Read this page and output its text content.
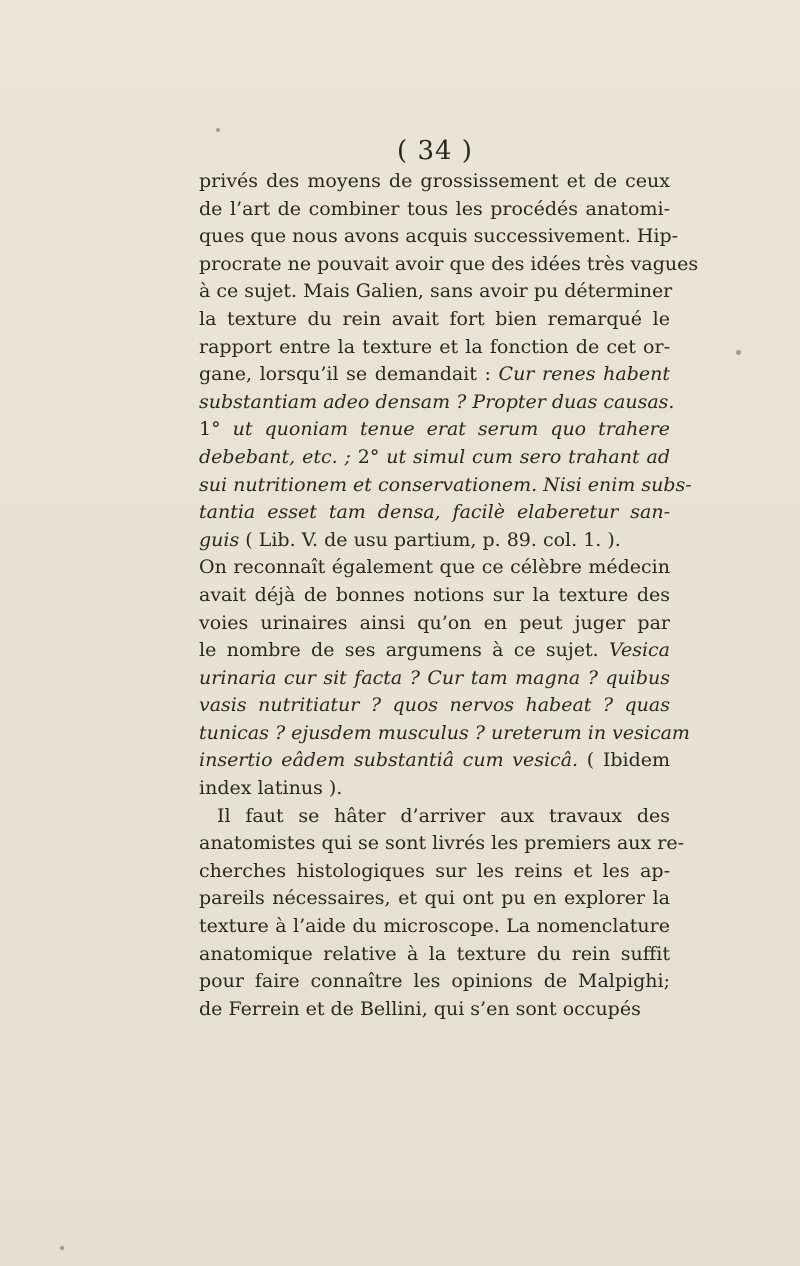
( 34 )
privés des moyens de grossissement et de ceux
de l’art de combiner tous les procédés anatomi-
ques que nous avons acquis successivement. Hip-
procrate ne pouvait avoir que des idées très vagues
à ce sujet. Mais Galien, sans avoir pu déterminer
la texture du rein avait fort bien remarqué le
rapport entre la texture et la fonction de cet or-
gane, lorsqu’il se demandait : Cur renes habent
substantiam adeo densam ? Propter duas causas.
1° ut quoniam tenue erat serum quo trahere
debebant, etc. ; 2° ut simul cum sero trahant ad
sui nutritionem et conservationem. Nisi enim subs-
tantia esset tam densa, facilè elaberetur san-
guis ( Lib. V. de usu partium, p. 89. col. 1. ).
On reconnaît également que ce célèbre médecin
avait déjà de bonnes notions sur la texture des
voies urinaires ainsi qu’on en peut juger par
le nombre de ses argumens à ce sujet. Vesica
urinaria cur sit facta ? Cur tam magna ? quibus
vasis nutritiatur ? quos nervos habeat ? quas
tunicas ? ejusdem musculus ? ureterum in vesicam
insertio eâdem substantiâ cum vesicâ. ( Ibidem
index latinus ).
Il faut se hâter d’arriver aux travaux des
anatomistes qui se sont livrés les premiers aux re-
cherches histologiques sur les reins et les ap-
pareils nécessaires, et qui ont pu en explorer la
texture à l’aide du microscope. La nomenclature
anatomique relative à la texture du rein suffit
pour faire connaître les opinions de Malpighi;
de Ferrein et de Bellini, qui s’en sont occupés
